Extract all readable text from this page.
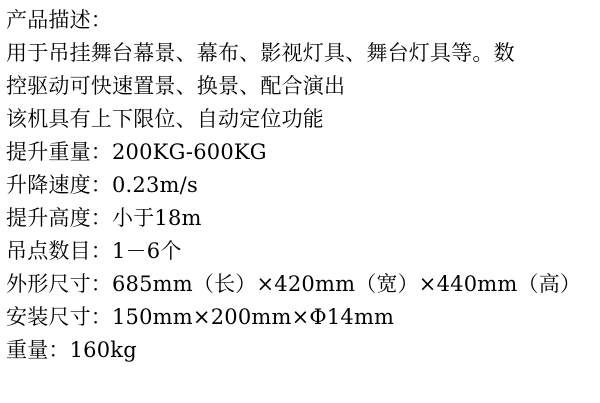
产品描述：
用于吊挂舞台幕景、幕布、影视灯具、舞台灯具等。数
控驱动可快速置景、换景、配合演出
该机具有上下限位、自动定位功能
提升重量：200KG-600KG
升降速度：0.23m/s
提升高度：小于18m
吊点数目：1－6个
外形尺寸：685mm（长）×420mm（宽）×440mm（高）
安装尺寸：150mm×200mm×Φ14mm
重量：160kg
